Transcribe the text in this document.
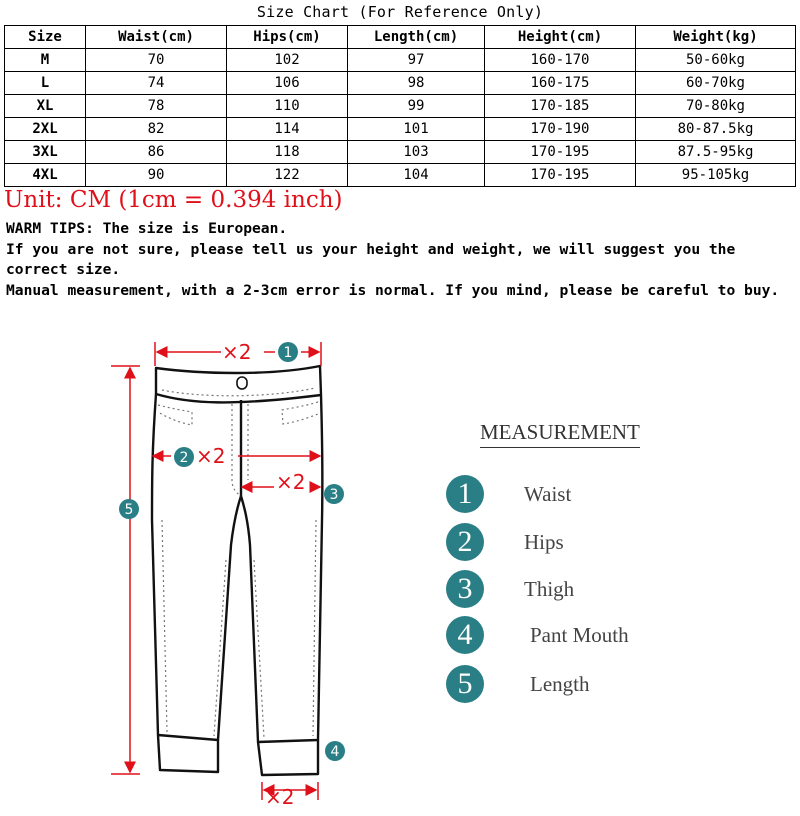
Size Chart (For Reference Only)
Size	Waist(cm)	Hips(cm)	Length(cm)	Height(cm)	Weight(kg)
M	70	102	97	160-170	50-60kg
L	74	106	98	160-175	60-70kg
XL	78	110	99	170-185	70-80kg
2XL	82	114	101	170-190	80-87.5kg
3XL	86	118	103	170-195	87.5-95kg
4XL	90	122	104	170-195	95-105kg
Unit: CM (1cm = 0.394 inch)

WARM TIPS: The size is European.

If you are not sure, please tell us your height and weight, we will suggest you the correct size.

Manual measurement, with a 2-3cm error is normal. If you mind, please be careful to buy.

×2
×2
×2
×2
1
2
3
4
5
MEASUREMENT
1	Waist
2	Hips
3	Thigh
4	Pant Mouth
5	Length
